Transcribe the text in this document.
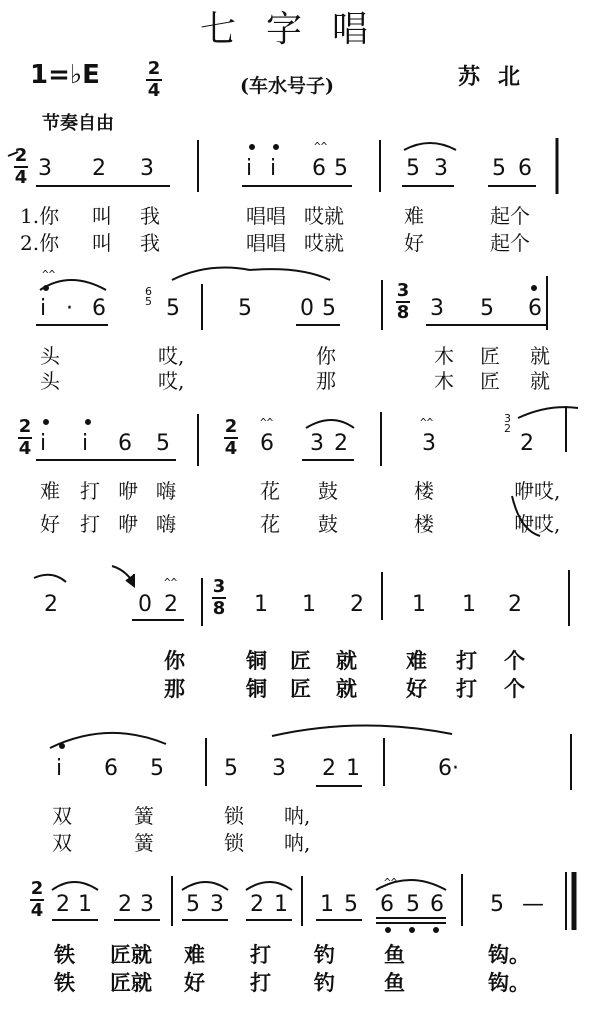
七字唱
1=♭E	2
4	(车水号子)	苏北
节奏自由
2
4 3 2 3	i i 6 5	5 3 5 6
^^
1.你 叫 我	唱唱 哎就	难	起个
2.你 叫 我	唱唱 哎就	好	起个
^^
i · 6
6
5 5	5 0 5
3
8 3 5 6
头	哎,	你	木 匠 就
头	哎,	那	木 匠 就
2
4 i i 6 5
2
4
^^
6 3 2
^^
3
3
2
2
难 打 咿 嗨	花 鼓	楼	咿哎,
好 打 咿 嗨	花 鼓	楼	咿哎,
2
^^
0 2
3
8 1 1 2 1 1 2
你	铜 匠 就 难 打 个
那	铜 匠 就 好 打 个
i 6 5	5 3 2 1	6·
双	簧	锁 呐,
双	簧	锁 呐,
2
4 2 1 2 3 5 3 2 1 1 5
^^
6 5 6 5 —
铁 匠就 难 打 钓 鱼	钩。
铁 匠就 好 打 钓 鱼	钩。
